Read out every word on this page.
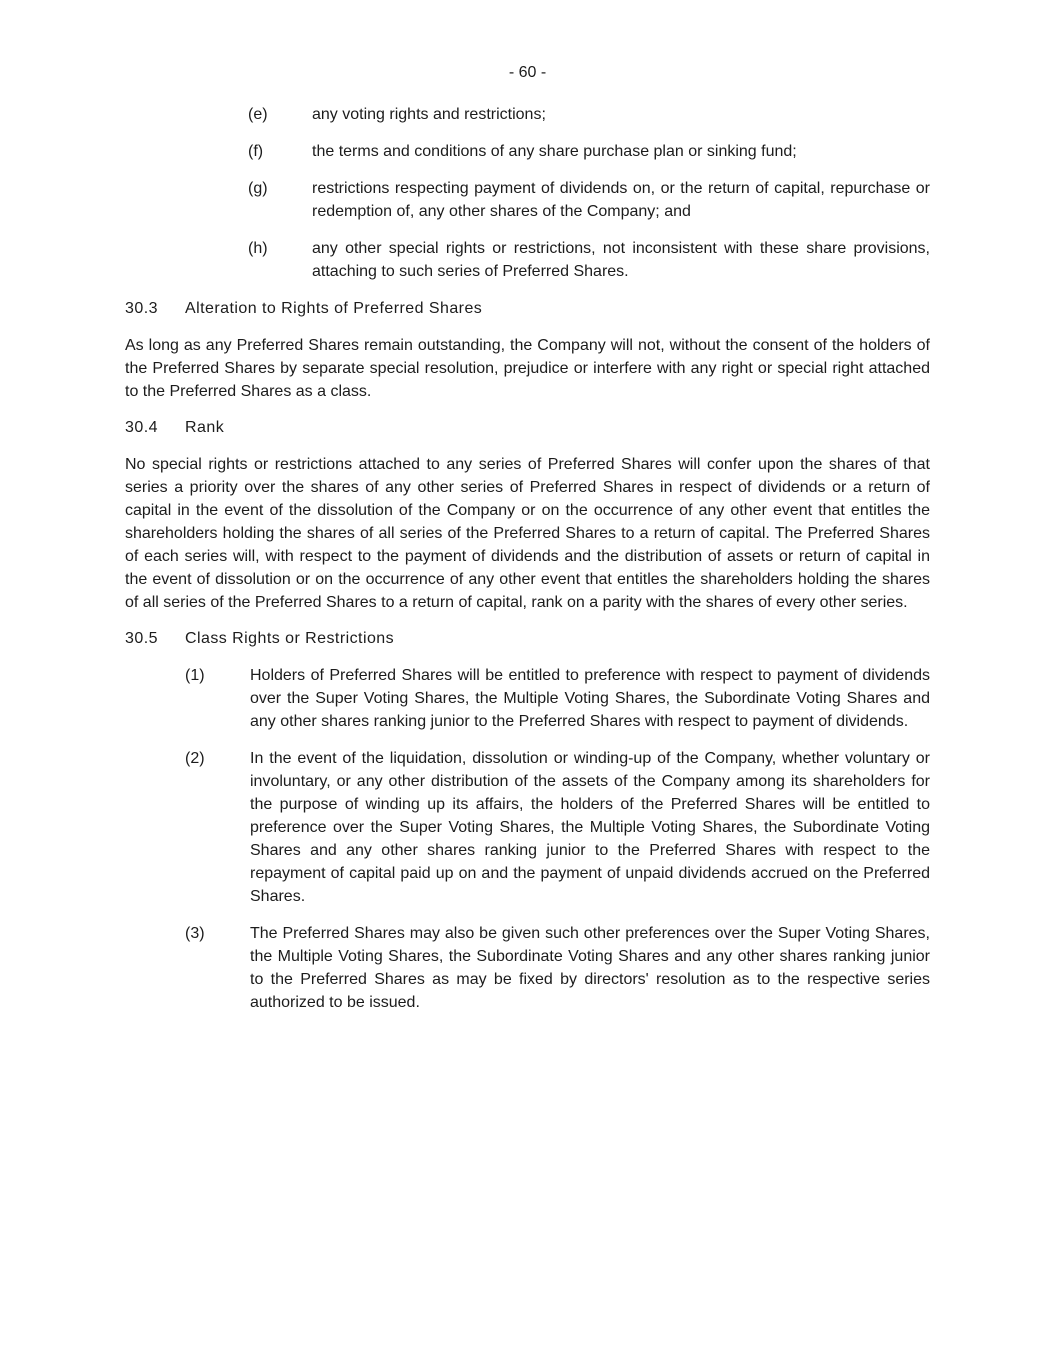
- 60 -
(e)	any voting rights and restrictions;
(f)	the terms and conditions of any share purchase plan or sinking fund;
(g)	restrictions respecting payment of dividends on, or the return of capital, repurchase or redemption of, any other shares of the Company; and
(h)	any other special rights or restrictions, not inconsistent with these share provisions, attaching to such series of Preferred Shares.
30.3	Alteration to Rights of Preferred Shares

As long as any Preferred Shares remain outstanding, the Company will not, without the consent of the holders of the Preferred Shares by separate special resolution, prejudice or interfere with any right or special right attached to the Preferred Shares as a class.

30.4	Rank

No special rights or restrictions attached to any series of Preferred Shares will confer upon the shares of that series a priority over the shares of any other series of Preferred Shares in respect of dividends or a return of capital in the event of the dissolution of the Company or on the occurrence of any other event that entitles the shareholders holding the shares of all series of the Preferred Shares to a return of capital. The Preferred Shares of each series will, with respect to the payment of dividends and the distribution of assets or return of capital in the event of dissolution or on the occurrence of any other event that entitles the shareholders holding the shares of all series of the Preferred Shares to a return of capital, rank on a parity with the shares of every other series.

30.5	Class Rights or Restrictions
(1)	Holders of Preferred Shares will be entitled to preference with respect to payment of dividends over the Super Voting Shares, the Multiple Voting Shares, the Subordinate Voting Shares and any other shares ranking junior to the Preferred Shares with respect to payment of dividends.
(2)	In the event of the liquidation, dissolution or winding-up of the Company, whether voluntary or involuntary, or any other distribution of the assets of the Company among its shareholders for the purpose of winding up its affairs, the holders of the Preferred Shares will be entitled to preference over the Super Voting Shares, the Multiple Voting Shares, the Subordinate Voting Shares and any other shares ranking junior to the Preferred Shares with respect to the repayment of capital paid up on and the payment of unpaid dividends accrued on the Preferred Shares.
(3)	The Preferred Shares may also be given such other preferences over the Super Voting Shares, the Multiple Voting Shares, the Subordinate Voting Shares and any other shares ranking junior to the Preferred Shares as may be fixed by directors' resolution as to the respective series authorized to be issued.
